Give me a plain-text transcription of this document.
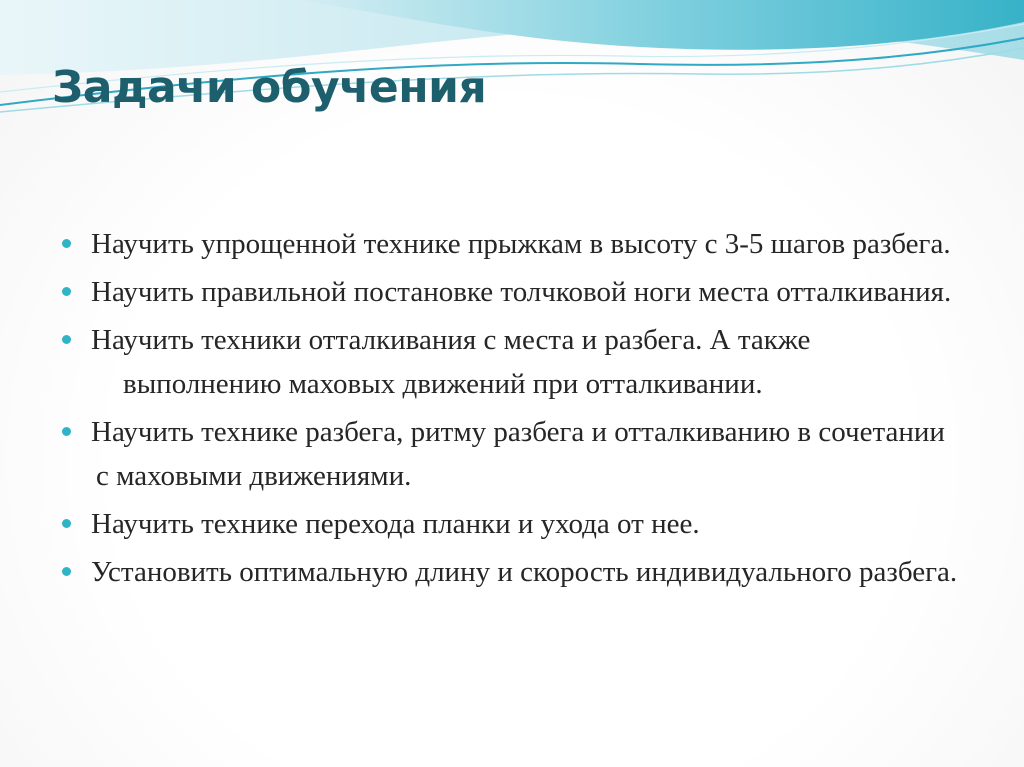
Задачи обучения
Научить упрощенной технике прыжкам в высоту с 3-5 шагов разбега.
Научить правильной постановке толчковой ноги места отталкивания.
Научить техники отталкивания с места и разбега. А также
выполнению маховых движений при отталкивании.
Научить технике разбега, ритму разбега и отталкиванию в сочетании
с маховыми движениями.
Научить технике перехода планки и ухода от нее.
Установить оптимальную длину и скорость индивидуального разбега.
